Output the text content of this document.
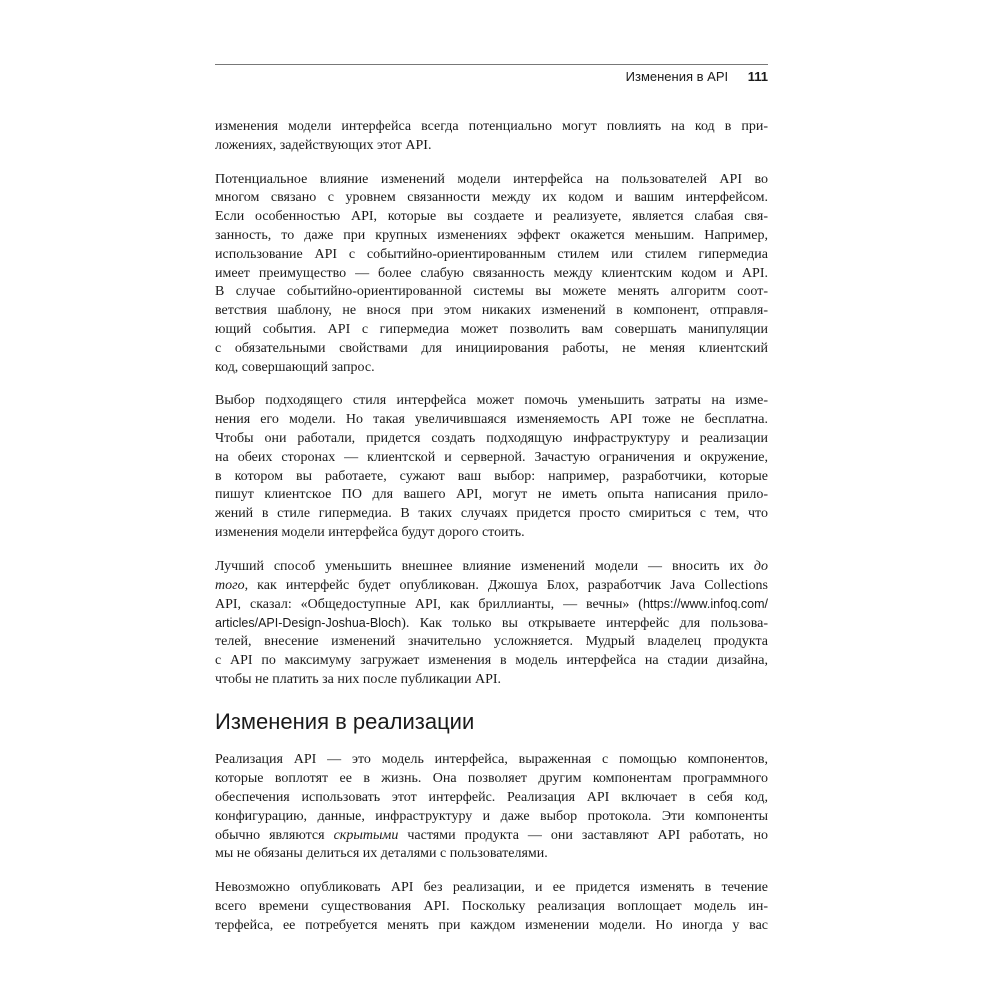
Изменения в API 111

изменения модели интерфейса всегда потенциально могут повлиять на код в при-
ложениях, задействующих этот API.

Потенциальное влияние изменений модели интерфейса на пользователей API во
многом связано с уровнем связанности между их кодом и вашим интерфейсом.
Если особенностью API, которые вы создаете и реализуете, является слабая свя-
занность, то даже при крупных изменениях эффект окажется меньшим. Например,
использование API с событийно-ориентированным стилем или стилем гипермедиа
имеет преимущество — более слабую связанность между клиентским кодом и API.
В случае событийно-ориентированной системы вы можете менять алгоритм соот-
ветствия шаблону, не внося при этом никаких изменений в компонент, отправля-
ющий события. API с гипермедиа может позволить вам совершать манипуляции
с обязательными свойствами для инициирования работы, не меняя клиентский
код, совершающий запрос.

Выбор подходящего стиля интерфейса может помочь уменьшить затраты на изме-
нения его модели. Но такая увеличившаяся изменяемость API тоже не бесплатна.
Чтобы они работали, придется создать подходящую инфраструктуру и реализации
на обеих сторонах — клиентской и серверной. Зачастую ограничения и окружение,
в котором вы работаете, сужают ваш выбор: например, разработчики, которые
пишут клиентское ПО для вашего API, могут не иметь опыта написания прило-
жений в стиле гипермедиа. В таких случаях придется просто смириться с тем, что
изменения модели интерфейса будут дорого стоить.

Лучший способ уменьшить внешнее влияние изменений модели — вносить их до
того, как интерфейс будет опубликован. Джошуа Блох, разработчик Java Collections
API, сказал: «Общедоступные API, как бриллианты, — вечны» (https://www.infoq.com/
articles/API-Design-Joshua-Bloch). Как только вы открываете интерфейс для пользова-
телей, внесение изменений значительно усложняется. Мудрый владелец продукта
с API по максимуму загружает изменения в модель интерфейса на стадии дизайна,
чтобы не платить за них после публикации API.

Изменения в реализации

Реализация API — это модель интерфейса, выраженная с помощью компонентов,
которые воплотят ее в жизнь. Она позволяет другим компонентам программного
обеспечения использовать этот интерфейс. Реализация API включает в себя код,
конфигурацию, данные, инфраструктуру и даже выбор протокола. Эти компоненты
обычно являются скрытыми частями продукта — они заставляют API работать, но
мы не обязаны делиться их деталями с пользователями.

Невозможно опубликовать API без реализации, и ее придется изменять в течение
всего времени существования API. Поскольку реализация воплощает модель ин-
терфейса, ее потребуется менять при каждом изменении модели. Но иногда у вас
